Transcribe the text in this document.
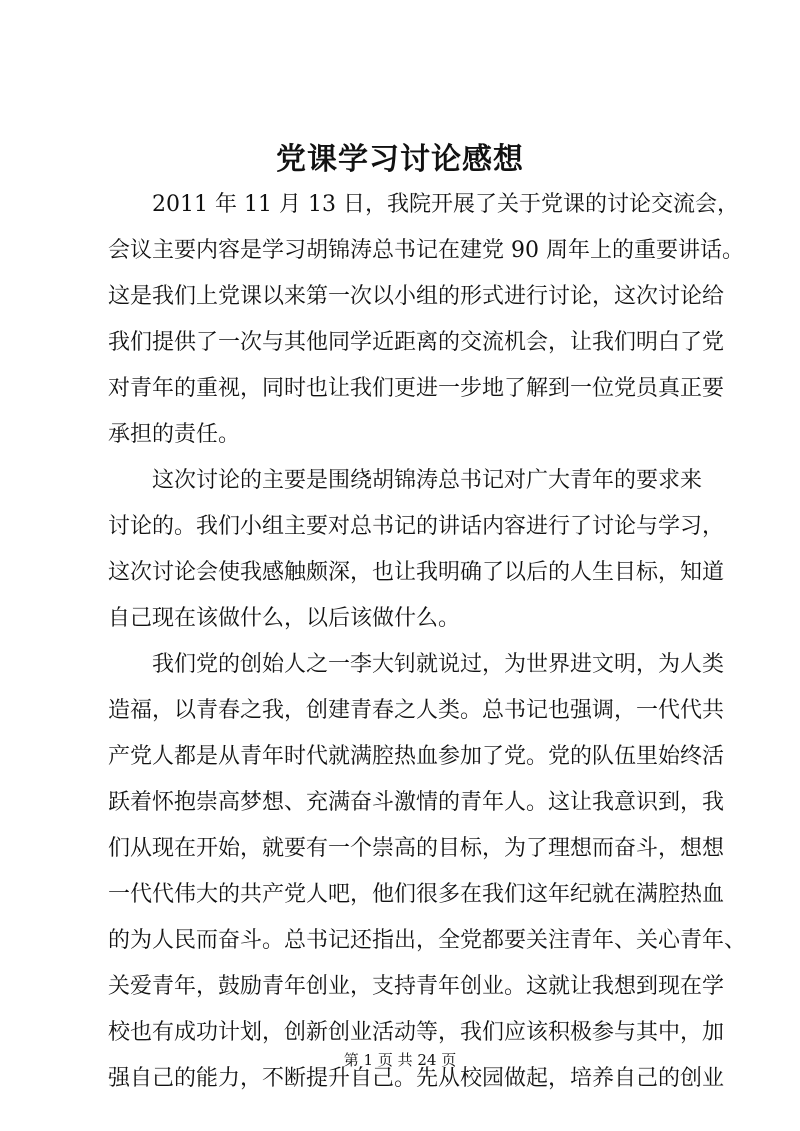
党课学习讨论感想
2011 年 11 月 13 日，我院开展了关于党课的讨论交流会，
会议主要内容是学习胡锦涛总书记在建党 90 周年上的重要讲话。
这是我们上党课以来第一次以小组的形式进行讨论，这次讨论给
我们提供了一次与其他同学近距离的交流机会，让我们明白了党
对青年的重视，同时也让我们更进一步地了解到一位党员真正要
承担的责任。
这次讨论的主要是围绕胡锦涛总书记对广大青年的要求来
讨论的。我们小组主要对总书记的讲话内容进行了讨论与学习，
这次讨论会使我感触颇深，也让我明确了以后的人生目标，知道
自己现在该做什么，以后该做什么。
我们党的创始人之一李大钊就说过，为世界进文明，为人类
造福，以青春之我，创建青春之人类。总书记也强调，一代代共
产党人都是从青年时代就满腔热血参加了党。党的队伍里始终活
跃着怀抱崇高梦想、充满奋斗激情的青年人。这让我意识到，我
们从现在开始，就要有一个崇高的目标，为了理想而奋斗，想想
一代代伟大的共产党人吧，他们很多在我们这年纪就在满腔热血
的为人民而奋斗。总书记还指出，全党都要关注青年、关心青年、
关爱青年，鼓励青年创业，支持青年创业。这就让我想到现在学
校也有成功计划，创新创业活动等，我们应该积极参与其中，加
强自己的能力，不断提升自己。先从校园做起，培养自己的创业
第 1 页 共 24 页
